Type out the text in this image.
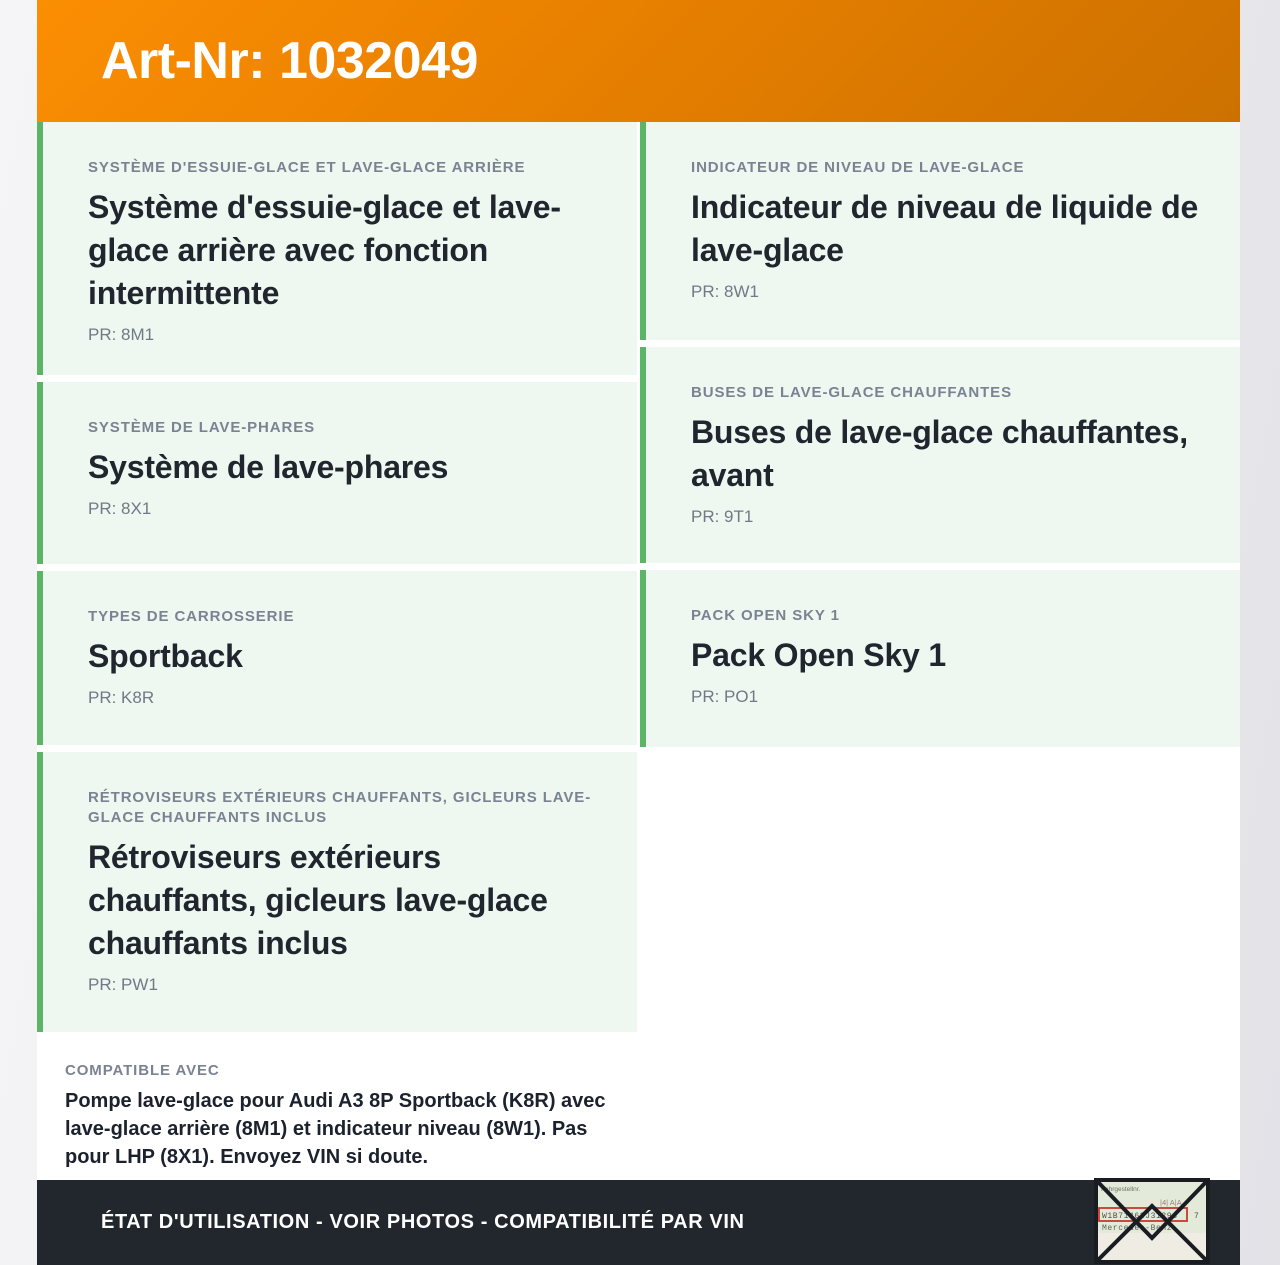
Art-Nr: 1032049
SYSTÈME D'ESSUIE-GLACE ET LAVE-GLACE ARRIÈRE
Système d'essuie-glace et lave-glace arrière avec fonction intermittente
PR: 8M1
SYSTÈME DE LAVE-PHARES
Système de lave-phares
PR: 8X1
TYPES DE CARROSSERIE
Sportback
PR: K8R
RÉTROVISEURS EXTÉRIEURS CHAUFFANTS, GICLEURS LAVE-GLACE CHAUFFANTS INCLUS
Rétroviseurs extérieurs chauffants, gicleurs lave-glace chauffants inclus
PR: PW1
COMPATIBLE AVEC
Pompe lave-glace pour Audi A3 8P Sportback (K8R) avec lave-glace arrière (8M1) et indicateur niveau (8W1). Pas pour LHP (8X1). Envoyez VIN si doute.
INDICATEUR DE NIVEAU DE LAVE-GLACE
Indicateur de niveau de liquide de lave-glace
PR: 8W1
BUSES DE LAVE-GLACE CHAUFFANTES
Buses de lave-glace chauffantes, avant
PR: 9T1
PACK OPEN SKY 1
Pack Open Sky 1
PR: PO1
ÉTAT D'UTILISATION - VOIR PHOTOS - COMPATIBILITÉ PAR VIN
Fahrgestellnr.
|4| A|A
W1B71463J31296 7
Mercedes-Benz
